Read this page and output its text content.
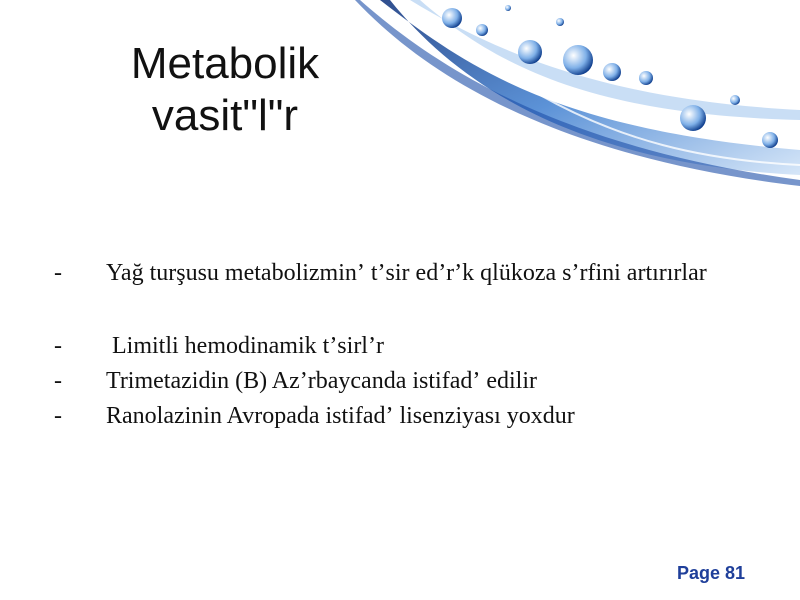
Metabolik
vasitʺlʺr
- Yağ turşusu metabolizminʼ tʼsir edʼrʼk qlükoza sʼrfini artırırlar
- Limitli hemodinamik tʼsirlʼr
- Trimetazidin (B) Azʼrbaycanda istifadʼ edilir
- Ranolazinin Avropada istifadʼ lisenziyası yoxdur
Page 81
